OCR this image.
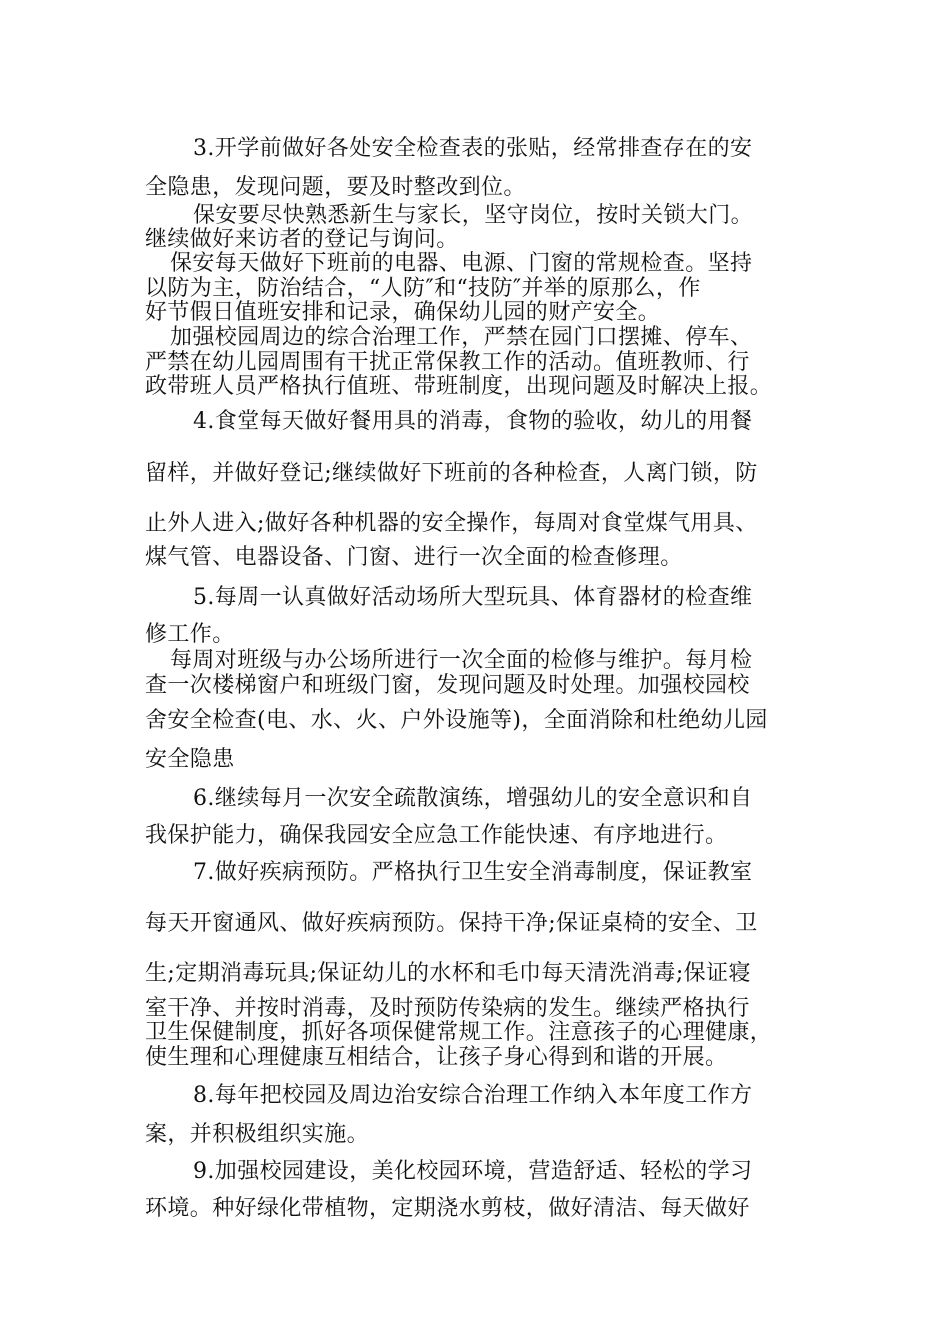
3.开学前做好各处安全检查表的张贴，经常排查存在的安
全隐患，发现问题，要及时整改到位。
保安要尽快熟悉新生与家长，坚守岗位，按时关锁大门。
继续做好来访者的登记与询问。
保安每天做好下班前的电器、电源、门窗的常规检查。坚持
以防为主，防治结合，“人防″和“技防″并举的原那么，作
好节假日值班安排和记录，确保幼儿园的财产安全。
加强校园周边的综合治理工作，严禁在园门口摆摊、停车、
严禁在幼儿园周围有干扰正常保教工作的活动。值班教师、行
政带班人员严格执行值班、带班制度，出现问题及时解决上报。
4.食堂每天做好餐用具的消毒，食物的验收，幼儿的用餐
留样，并做好登记;继续做好下班前的各种检查，人离门锁，防
止外人进入;做好各种机器的安全操作，每周对食堂煤气用具、
煤气管、电器设备、门窗、进行一次全面的检查修理。
5.每周一认真做好活动场所大型玩具、体育器材的检查维
修工作。
每周对班级与办公场所进行一次全面的检修与维护。每月检
查一次楼梯窗户和班级门窗，发现问题及时处理。加强校园校
舍安全检查(电、水、火、户外设施等)，全面消除和杜绝幼儿园
安全隐患
6.继续每月一次安全疏散演练，增强幼儿的安全意识和自
我保护能力，确保我园安全应急工作能快速、有序地进行。
7.做好疾病预防。严格执行卫生安全消毒制度，保证教室
每天开窗通风、做好疾病预防。保持干净;保证桌椅的安全、卫
生;定期消毒玩具;保证幼儿的水杯和毛巾每天清洗消毒;保证寝
室干净、并按时消毒，及时预防传染病的发生。继续严格执行
卫生保健制度，抓好各项保健常规工作。注意孩子的心理健康，
使生理和心理健康互相结合，让孩子身心得到和谐的开展。
8.每年把校园及周边治安综合治理工作纳入本年度工作方
案，并积极组织实施。
9.加强校园建设，美化校园环境，营造舒适、轻松的学习
环境。种好绿化带植物，定期浇水剪枝，做好清洁、每天做好
